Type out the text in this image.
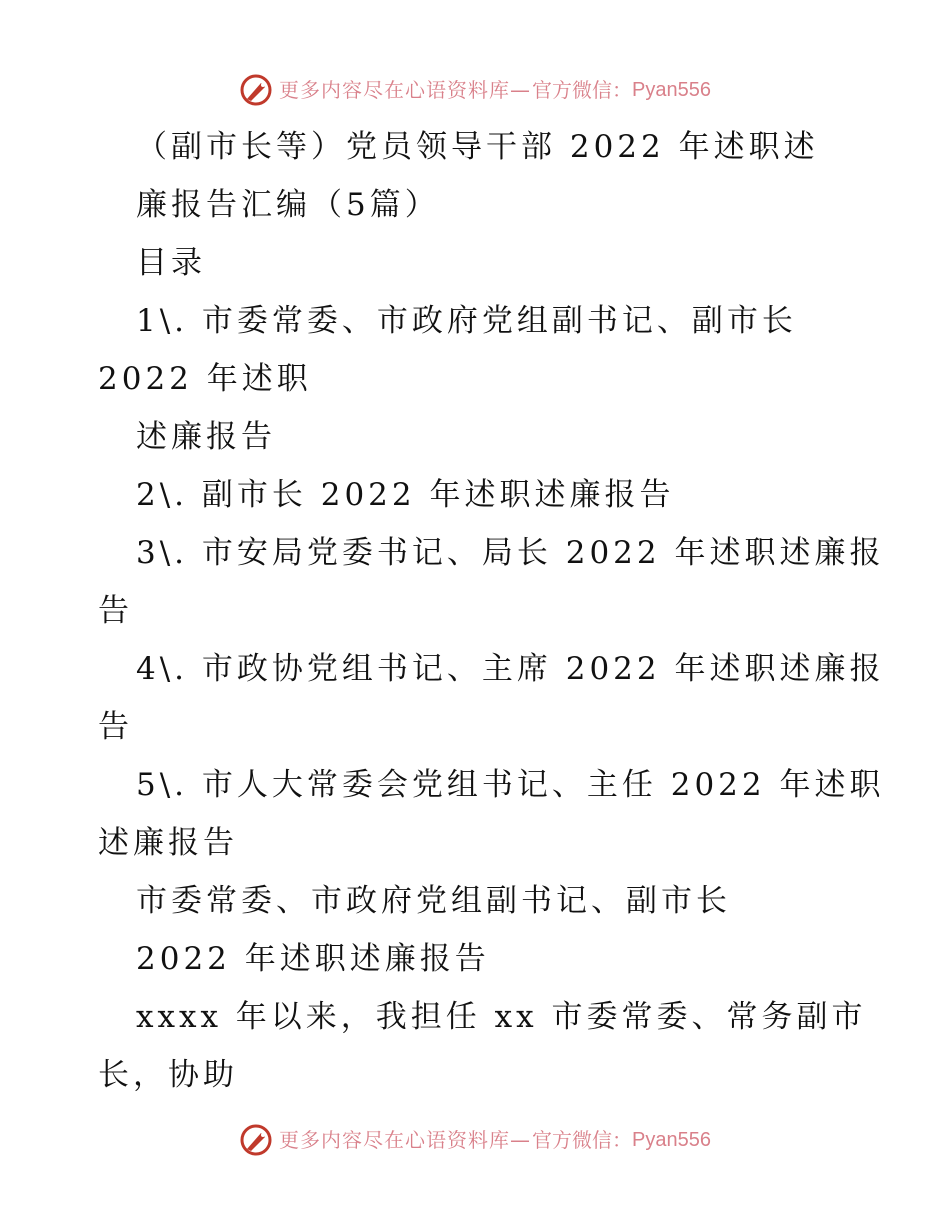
更多内容尽在心语资料库 — 官方微信： Pyan556
（副市长等）党员领导干部 2022 年述职述
廉报告汇编（5篇）
目录
1\. 市委常委、市政府党组副书记、副市长
2022 年述职
述廉报告
2\. 副市长 2022 年述职述廉报告
3\. 市安局党委书记、局长 2022 年述职述廉报
告
4\. 市政协党组书记、主席 2022 年述职述廉报
告
5\. 市人大常委会党组书记、主任 2022 年述职
述廉报告
市委常委、市政府党组副书记、副市长
2022 年述职述廉报告
xxxx 年以来，我担任 xx 市委常委、常务副市
长，协助
更多内容尽在心语资料库 — 官方微信： Pyan556
